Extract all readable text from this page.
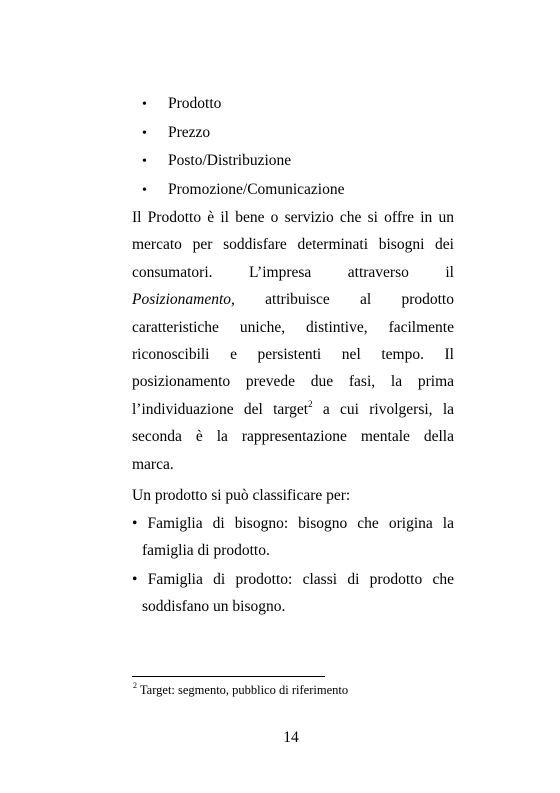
• Prodotto
• Prezzo
• Posto/Distribuzione
• Promozione/Comunicazione
Il Prodotto è il bene o servizio che si offre in un
mercato per soddisfare determinati bisogni dei
consumatori. L’impresa attraverso il
Posizionamento, attribuisce al prodotto
caratteristiche uniche, distintive, facilmente
riconoscibili e persistenti nel tempo. Il
posizionamento prevede due fasi, la prima
l’individuazione del target$^2$ a cui rivolgersi, la
seconda è la rappresentazione mentale della
marca.
Un prodotto si può classificare per:
• Famiglia di bisogno: bisogno che origina la
famiglia di prodotto.
• Famiglia di prodotto: classi di prodotto che
soddisfano un bisogno.
$^2$ Target: segmento, pubblico di riferimento
14
